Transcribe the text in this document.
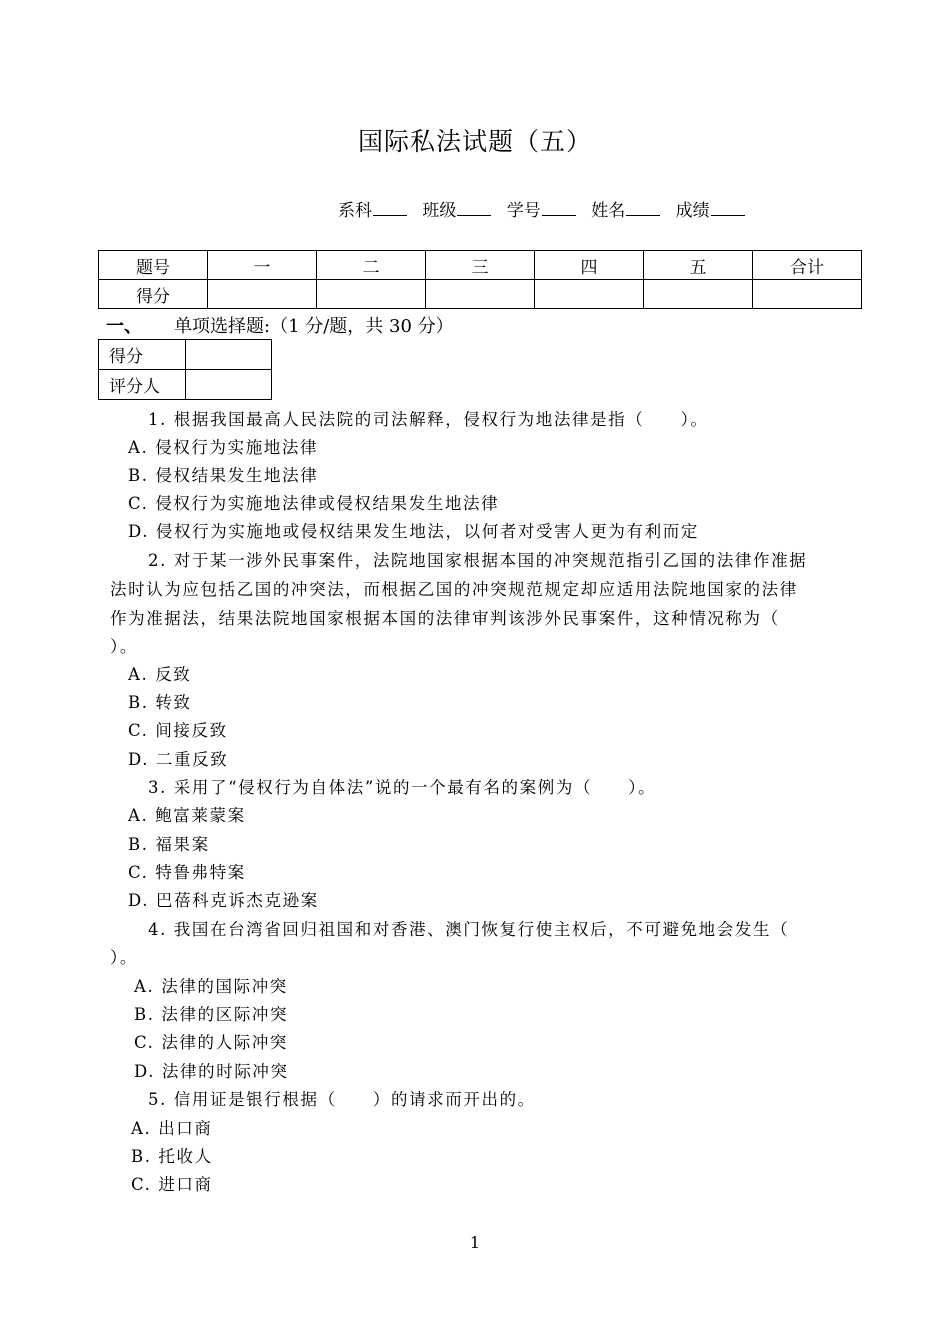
国际私法试题（五）
系科	班级	学号	姓名	成绩
题号	一	二	三	四	五	合计
得分						
一、 单项选择题:（1 分/题，共 30 分）
得分	
评分人	
1. 根据我国最高人民法院的司法解释，侵权行为地法律是指（　　）。
A. 侵权行为实施地法律
B. 侵权结果发生地法律
C. 侵权行为实施地法律或侵权结果发生地法律
D. 侵权行为实施地或侵权结果发生地法，以何者对受害人更为有利而定
2. 对于某一涉外民事案件，法院地国家根据本国的冲突规范指引乙国的法律作准据
法时认为应包括乙国的冲突法，而根据乙国的冲突规范规定却应适用法院地国家的法律
作为准据法，结果法院地国家根据本国的法律审判该涉外民事案件，这种情况称为（
）。
A. 反致
B. 转致
C. 间接反致
D. 二重反致
3. 采用了“侵权行为自体法”说的一个最有名的案例为（　　）。
A. 鲍富莱蒙案
B. 福果案
C. 特鲁弗特案
D. 巴蓓科克诉杰克逊案
4. 我国在台湾省回归祖国和对香港、澳门恢复行使主权后，不可避免地会发生（
）。
A. 法律的国际冲突
B. 法律的区际冲突
C. 法律的人际冲突
D. 法律的时际冲突
5. 信用证是银行根据（　　）的请求而开出的。
A. 出口商
B. 托收人
C. 进口商
1
